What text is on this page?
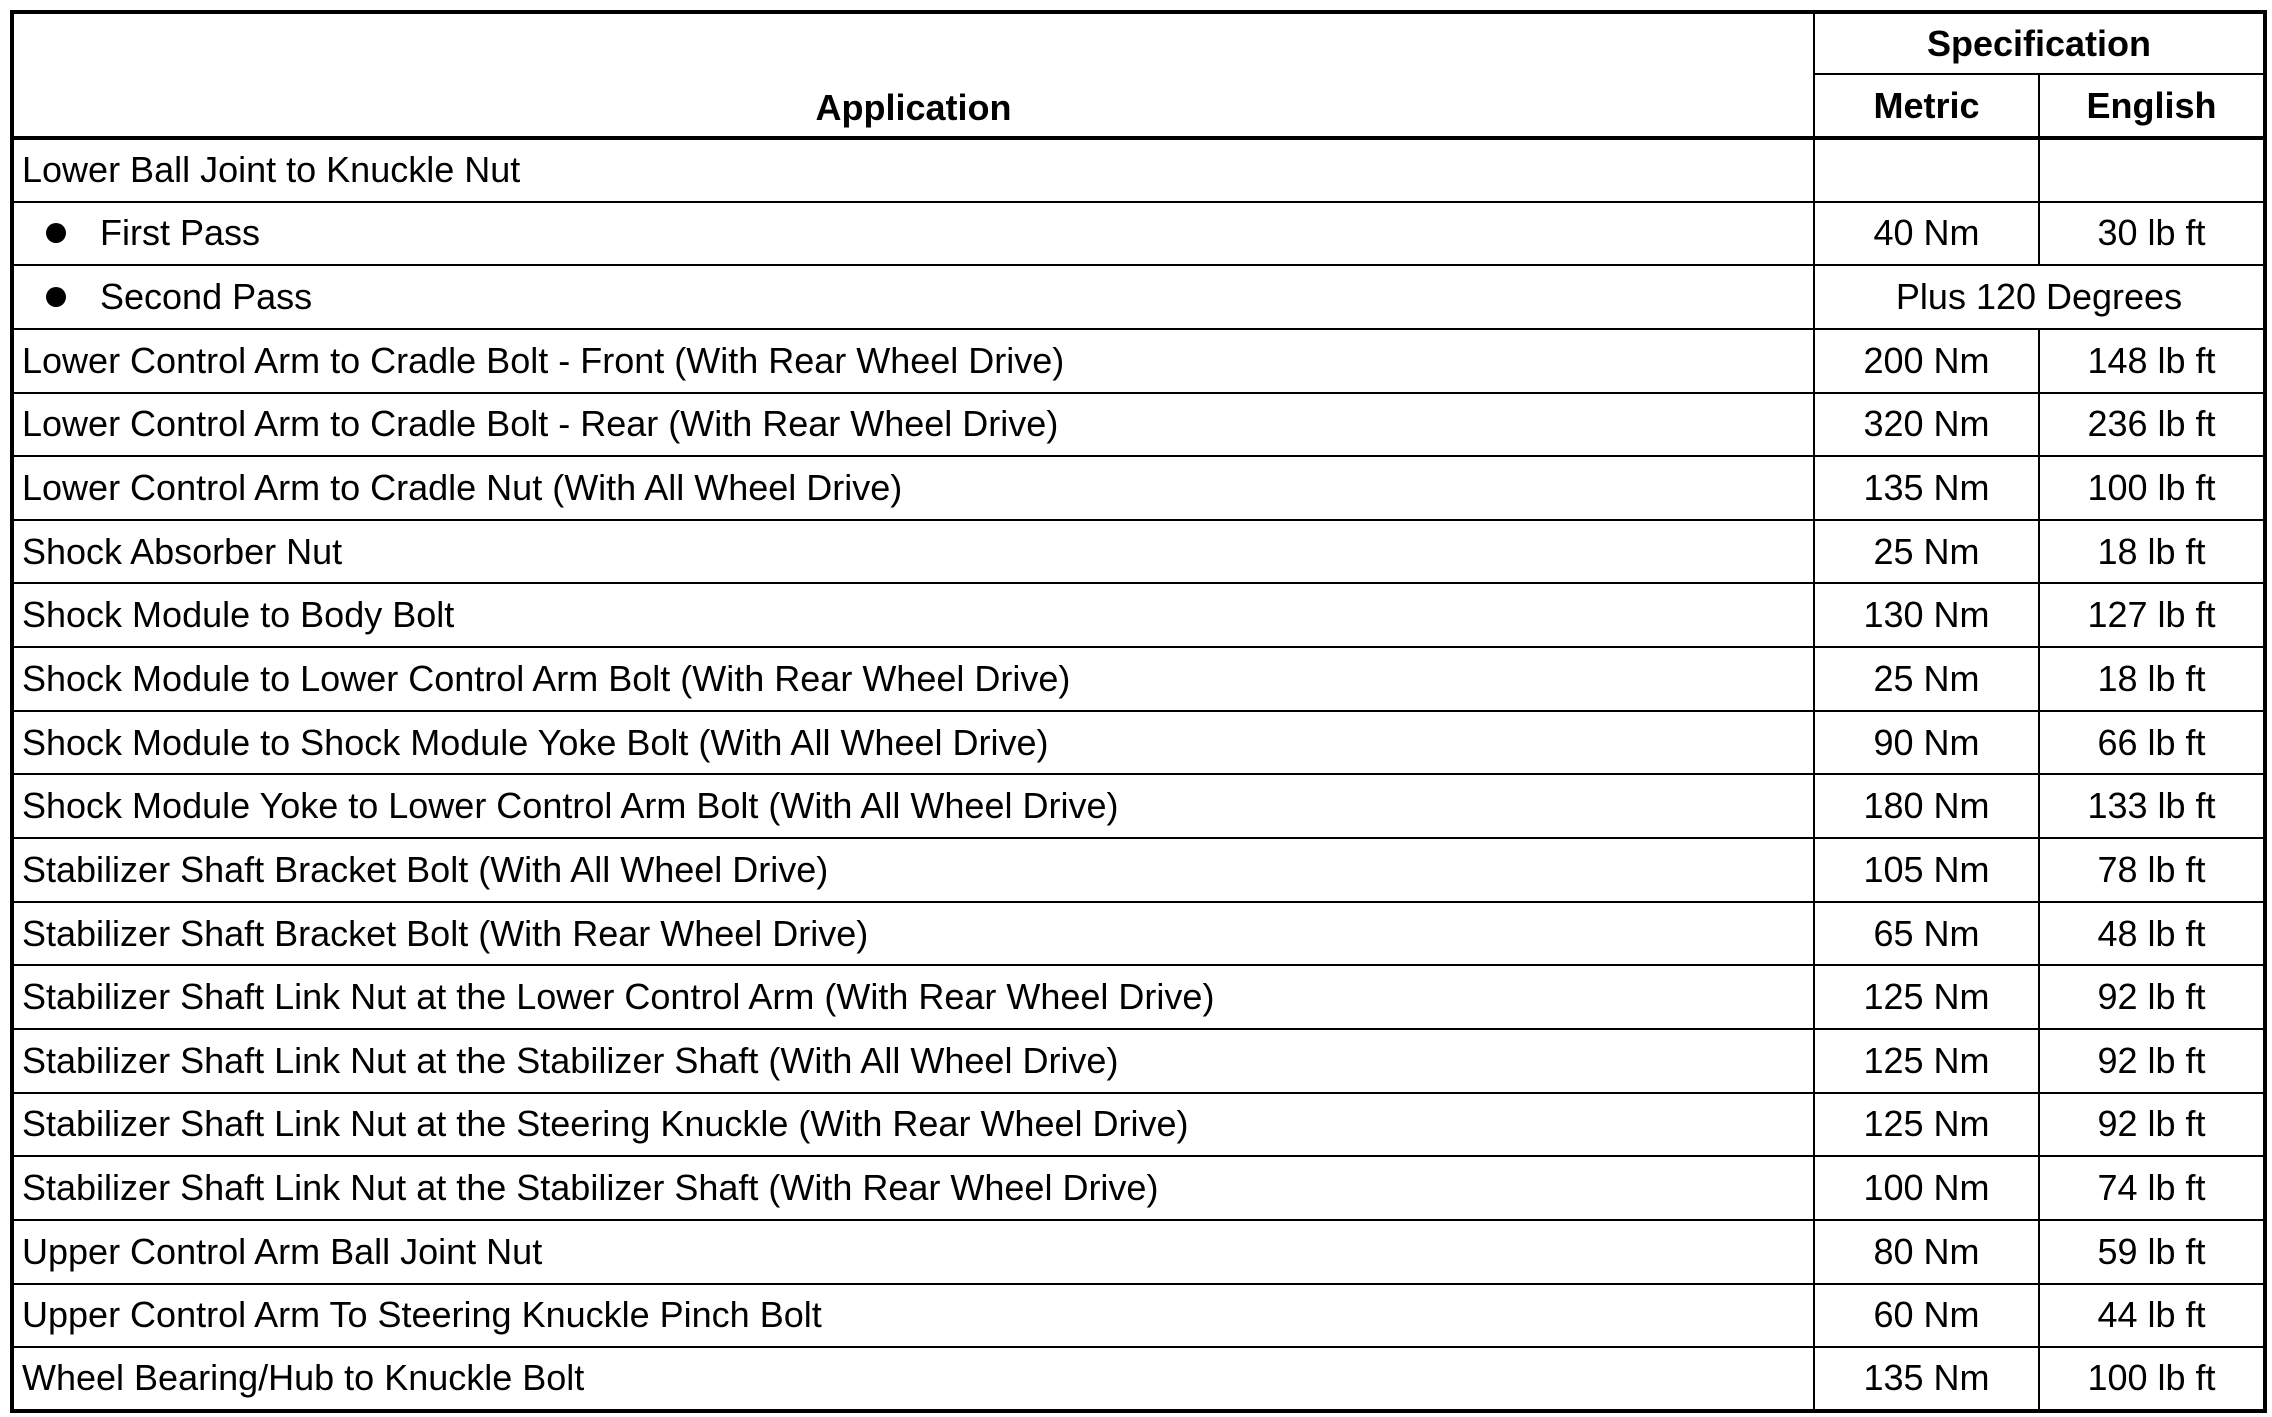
Application	Specification	
	Metric	English
Lower Ball Joint to Knuckle Nut		
First Pass	40 Nm	30 lb ft
Second Pass	Plus 120 Degrees	
Lower Control Arm to Cradle Bolt - Front (With Rear Wheel Drive)	200 Nm	148 lb ft
Lower Control Arm to Cradle Bolt - Rear (With Rear Wheel Drive)	320 Nm	236 lb ft
Lower Control Arm to Cradle Nut (With All Wheel Drive)	135 Nm	100 lb ft
Shock Absorber Nut	25 Nm	18 lb ft
Shock Module to Body Bolt	130 Nm	127 lb ft
Shock Module to Lower Control Arm Bolt (With Rear Wheel Drive)	25 Nm	18 lb ft
Shock Module to Shock Module Yoke Bolt (With All Wheel Drive)	90 Nm	66 lb ft
Shock Module Yoke to Lower Control Arm Bolt (With All Wheel Drive)	180 Nm	133 lb ft
Stabilizer Shaft Bracket Bolt (With All Wheel Drive)	105 Nm	78 lb ft
Stabilizer Shaft Bracket Bolt (With Rear Wheel Drive)	65 Nm	48 lb ft
Stabilizer Shaft Link Nut at the Lower Control Arm (With Rear Wheel Drive)	125 Nm	92 lb ft
Stabilizer Shaft Link Nut at the Stabilizer Shaft (With All Wheel Drive)	125 Nm	92 lb ft
Stabilizer Shaft Link Nut at the Steering Knuckle (With Rear Wheel Drive)	125 Nm	92 lb ft
Stabilizer Shaft Link Nut at the Stabilizer Shaft (With Rear Wheel Drive)	100 Nm	74 lb ft
Upper Control Arm Ball Joint Nut	80 Nm	59 lb ft
Upper Control Arm To Steering Knuckle Pinch Bolt	60 Nm	44 lb ft
Wheel Bearing/Hub to Knuckle Bolt	135 Nm	100 lb ft
